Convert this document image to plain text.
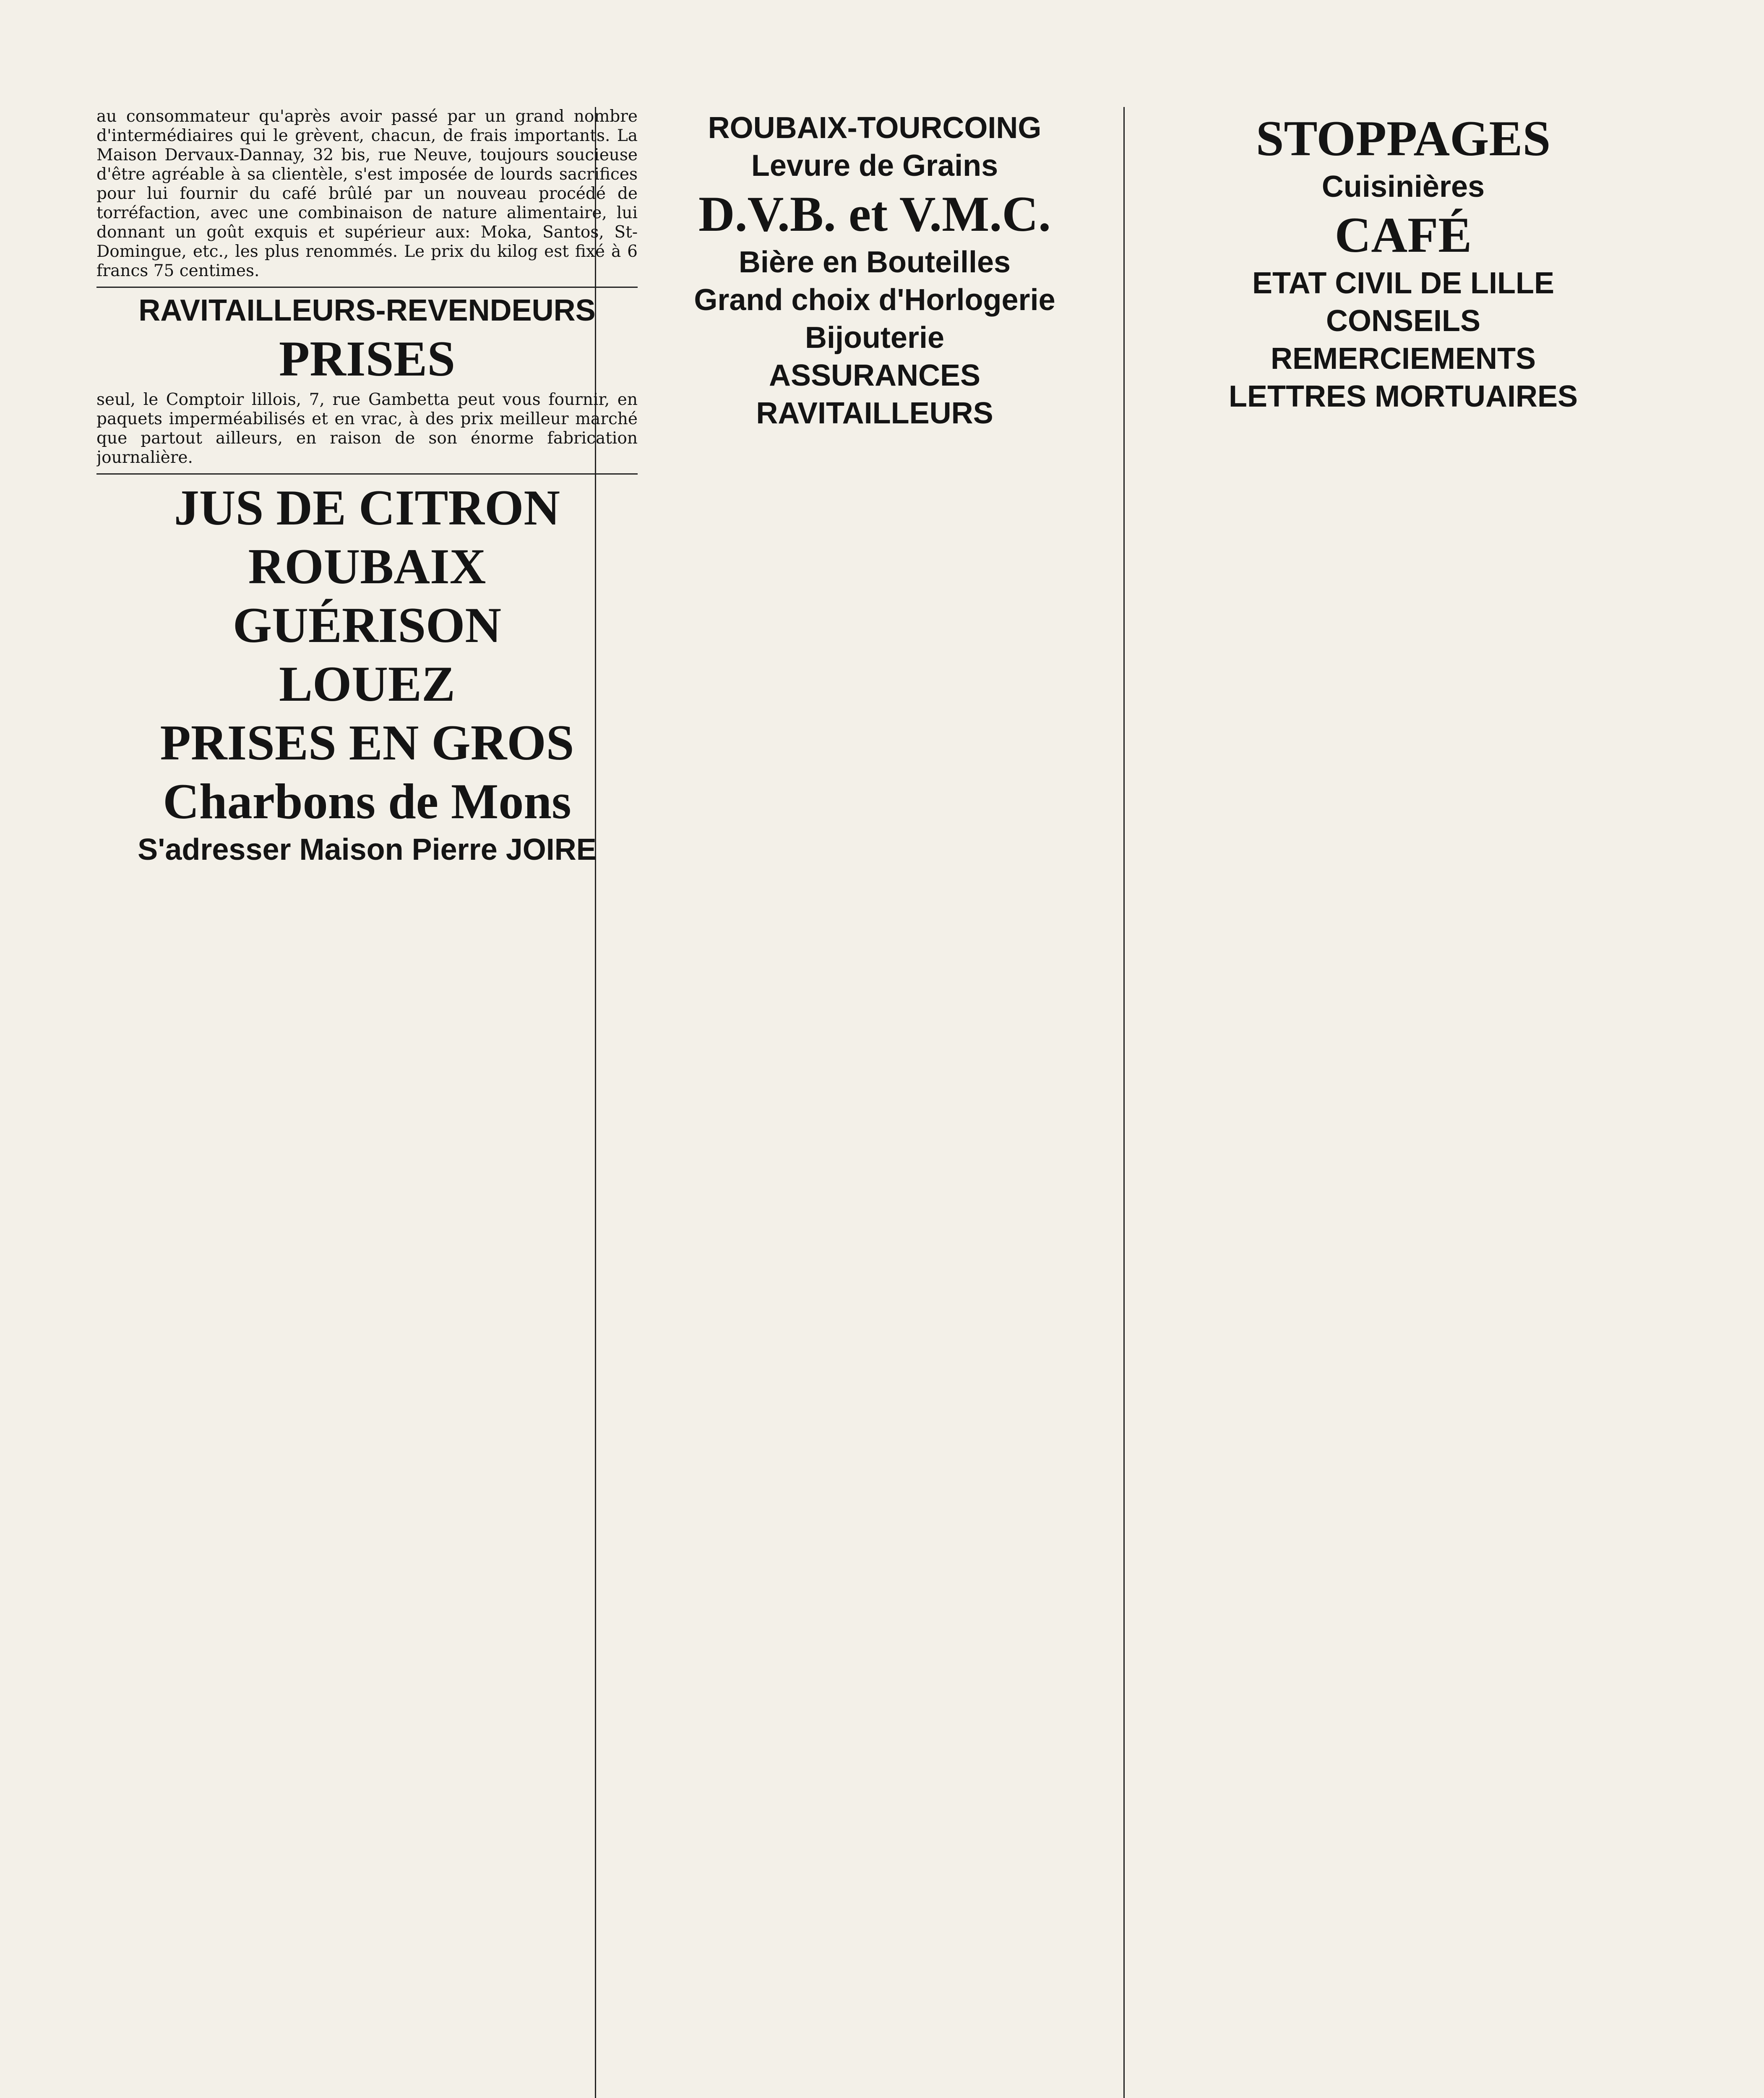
au consommateur qu'après avoir passé par un grand nombre d'intermédiaires qui le grèvent, chacun, de frais importants. La Maison Dervaux-Dannay, 32 bis, rue Neuve, toujours soucieuse d'être agréable à sa clientèle, s'est imposée de lourds sacrifices pour lui fournir du café brûlé par un nouveau procédé de torréfaction, avec une combinaison de nature alimentaire, lui donnant un goût exquis et supérieur aux: Moka, Santos, St-Domingue, etc., les plus renommés. Le prix du kilog est fixé à 6 francs 75 centimes.

RAVITAILLEURS-REVENDEURS
PRISES

seul, le Comptoir lillois, 7, rue Gambetta peut vous fournir, en paquets imperméabilisés et en vrac, à des prix meilleur marché que partout ailleurs, en raison de son énorme fabrication journalière.

JUS DE CITRON
ROUBAIX
GUÉRISON
LOUEZ
PRISES EN GROS
Charbons de Mons
S'adresser Maison Pierre JOIRE
ROUBAIX-TOURCOING
Levure de Grains
D.V.B. et V.M.C.
Bière en Bouteilles
Grand choix d'Horlogerie
Bijouterie
ASSURANCES
RAVITAILLEURS
STOPPAGES
Cuisinières
CAFÉ
ETAT CIVIL DE LILLE
CONSEILS
REMERCIEMENTS
LETTRES MORTUAIRES
